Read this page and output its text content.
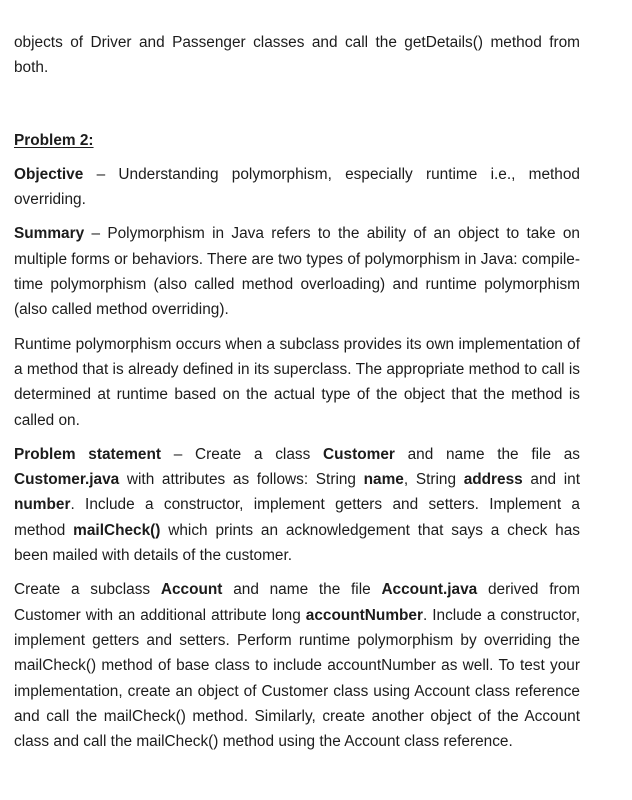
objects of Driver and Passenger classes and call the getDetails() method from both.

Problem 2:

Objective – Understanding polymorphism, especially runtime i.e., method overriding.

Summary – Polymorphism in Java refers to the ability of an object to take on multiple forms or behaviors. There are two types of polymorphism in Java: compile-time polymorphism (also called method overloading) and runtime polymorphism (also called method overriding).

Runtime polymorphism occurs when a subclass provides its own implementation of a method that is already defined in its superclass. The appropriate method to call is determined at runtime based on the actual type of the object that the method is called on.

Problem statement – Create a class Customer and name the file as Customer.java with attributes as follows: String name, String address and int number. Include a constructor, implement getters and setters. Implement a method mailCheck() which prints an acknowledgement that says a check has been mailed with details of the customer.

Create a subclass Account and name the file Account.java derived from Customer with an additional attribute long accountNumber. Include a constructor, implement getters and setters. Perform runtime polymorphism by overriding the mailCheck() method of base class to include accountNumber as well. To test your implementation, create an object of Customer class using Account class reference and call the mailCheck() method. Similarly, create another object of the Account class and call the mailCheck() method using the Account class reference.
